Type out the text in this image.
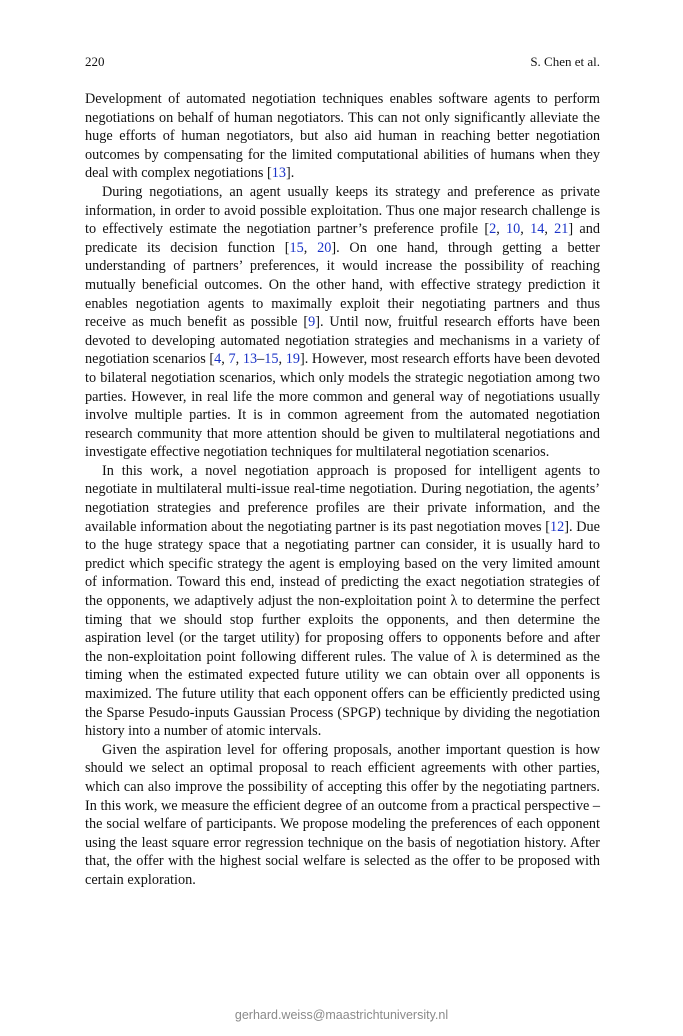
220	S. Chen et al.

Development of automated negotiation techniques enables software agents to perform negotiations on behalf of human negotiators. This can not only significantly alleviate the huge efforts of human negotiators, but also aid human in reaching better negotiation outcomes by compensating for the limited computational abilities of humans when they deal with complex negotiations [13].

During negotiations, an agent usually keeps its strategy and preference as private information, in order to avoid possible exploitation. Thus one major research challenge is to effectively estimate the negotiation partner’s preference profile [2, 10, 14, 21] and predicate its decision function [15, 20]. On one hand, through getting a better understanding of partners’ preferences, it would increase the possibility of reaching mutually beneficial outcomes. On the other hand, with effective strategy prediction it enables negotiation agents to maximally exploit their negotiating partners and thus receive as much benefit as possible [9]. Until now, fruitful research efforts have been devoted to developing automated negotiation strategies and mechanisms in a variety of negotiation scenarios [4, 7, 13–15, 19]. However, most research efforts have been devoted to bilateral negotiation scenarios, which only models the strategic negotiation among two parties. However, in real life the more common and general way of negotiations usually involve multiple parties. It is in common agreement from the automated negotiation research community that more attention should be given to multilateral negotiations and investigate effective negotiation techniques for multilateral negotiation scenarios.

In this work, a novel negotiation approach is proposed for intelligent agents to negotiate in multilateral multi-issue real-time negotiation. During negotiation, the agents’ negotiation strategies and preference profiles are their private information, and the available information about the negotiating partner is its past negotiation moves [12]. Due to the huge strategy space that a negotiating partner can consider, it is usually hard to predict which specific strategy the agent is employing based on the very limited amount of information. Toward this end, instead of predicting the exact negotiation strategies of the opponents, we adaptively adjust the non-exploitation point λ to determine the perfect timing that we should stop further exploits the opponents, and then determine the aspiration level (or the target utility) for proposing offers to opponents before and after the non-exploitation point following different rules. The value of λ is determined as the timing when the estimated expected future utility we can obtain over all opponents is maximized. The future utility that each opponent offers can be efficiently predicted using the Sparse Pesudo-inputs Gaussian Process (SPGP) technique by dividing the negotiation history into a number of atomic intervals.

Given the aspiration level for offering proposals, another important question is how should we select an optimal proposal to reach efficient agreements with other parties, which can also improve the possibility of accepting this offer by the negotiating partners. In this work, we measure the efficient degree of an outcome from a practical perspective – the social welfare of participants. We propose modeling the preferences of each opponent using the least square error regression technique on the basis of negotiation history. After that, the offer with the highest social welfare is selected as the offer to be proposed with certain exploration.

gerhard.weiss@maastrichtuniversity.nl
